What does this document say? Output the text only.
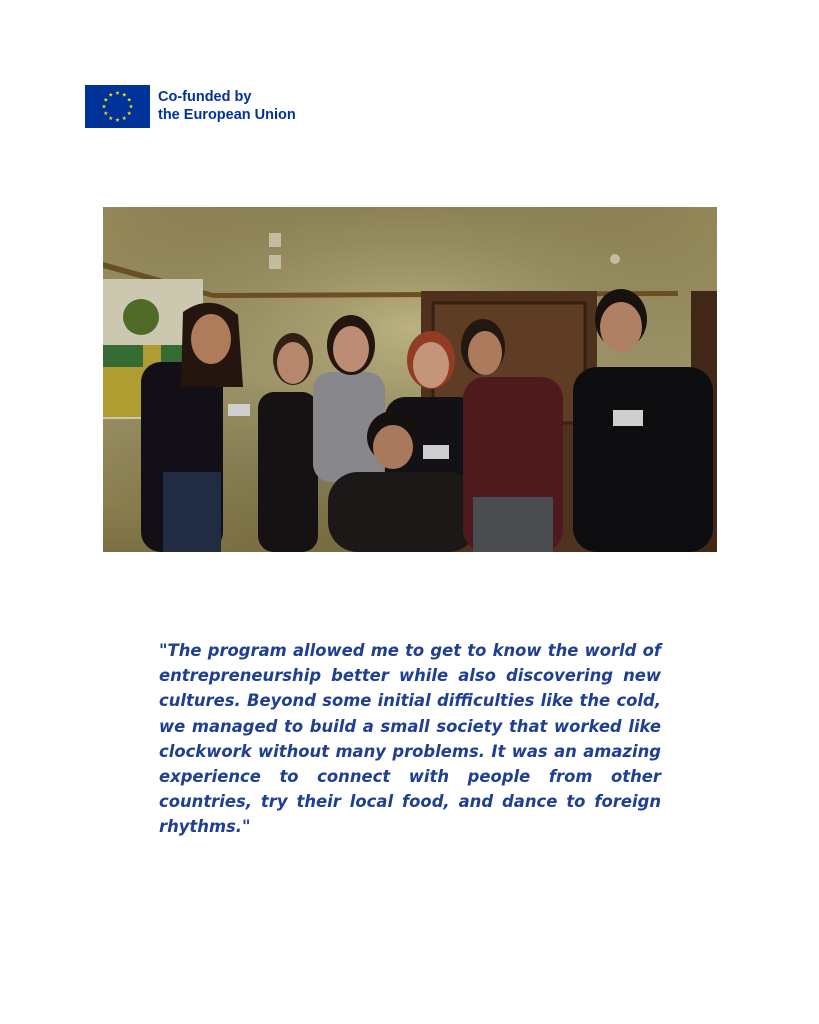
Co-funded by
the European Union

"The program allowed me to get to know the world of entrepreneurship better while also discovering new cultures. Beyond some initial difficulties like the cold, we managed to build a small society that worked like clockwork without many problems. It was an amazing experience to connect with people from other countries, try their local food, and dance to foreign rhythms."
